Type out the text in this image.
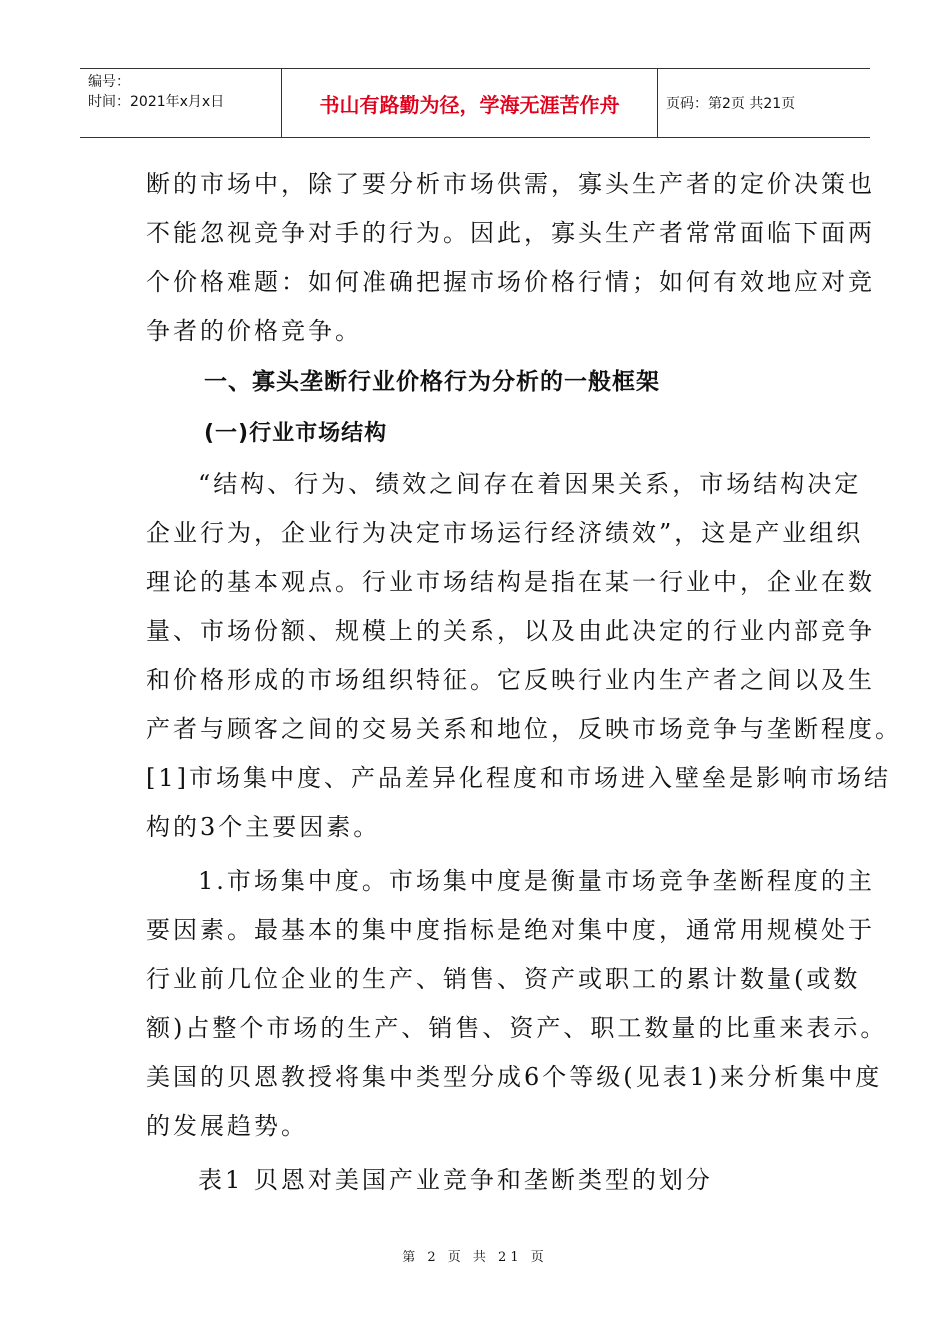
编号：
时间：2021年x月x日	书山有路勤为径，学海无涯苦作舟	页码：第2页 共21页
断的市场中，除了要分析市场供需，寡头生产者的定价决策也
不能忽视竞争对手的行为。因此，寡头生产者常常面临下面两
个价格难题：如何准确把握市场价格行情；如何有效地应对竞
争者的价格竞争。
一、寡头垄断行业价格行为分析的一般框架
(一)行业市场结构
“结构、行为、绩效之间存在着因果关系，市场结构决定
企业行为，企业行为决定市场运行经济绩效”，这是产业组织
理论的基本观点。行业市场结构是指在某一行业中，企业在数
量、市场份额、规模上的关系，以及由此决定的行业内部竞争
和价格形成的市场组织特征。它反映行业内生产者之间以及生
产者与顾客之间的交易关系和地位，反映市场竞争与垄断程度。
[1]市场集中度、产品差异化程度和市场进入壁垒是影响市场结
构的3个主要因素。
1.市场集中度。市场集中度是衡量市场竞争垄断程度的主
要因素。最基本的集中度指标是绝对集中度，通常用规模处于
行业前几位企业的生产、销售、资产或职工的累计数量(或数
额)占整个市场的生产、销售、资产、职工数量的比重来表示。
美国的贝恩教授将集中类型分成6个等级(见表1)来分析集中度
的发展趋势。
表1 贝恩对美国产业竞争和垄断类型的划分
第 2 页 共 21 页
